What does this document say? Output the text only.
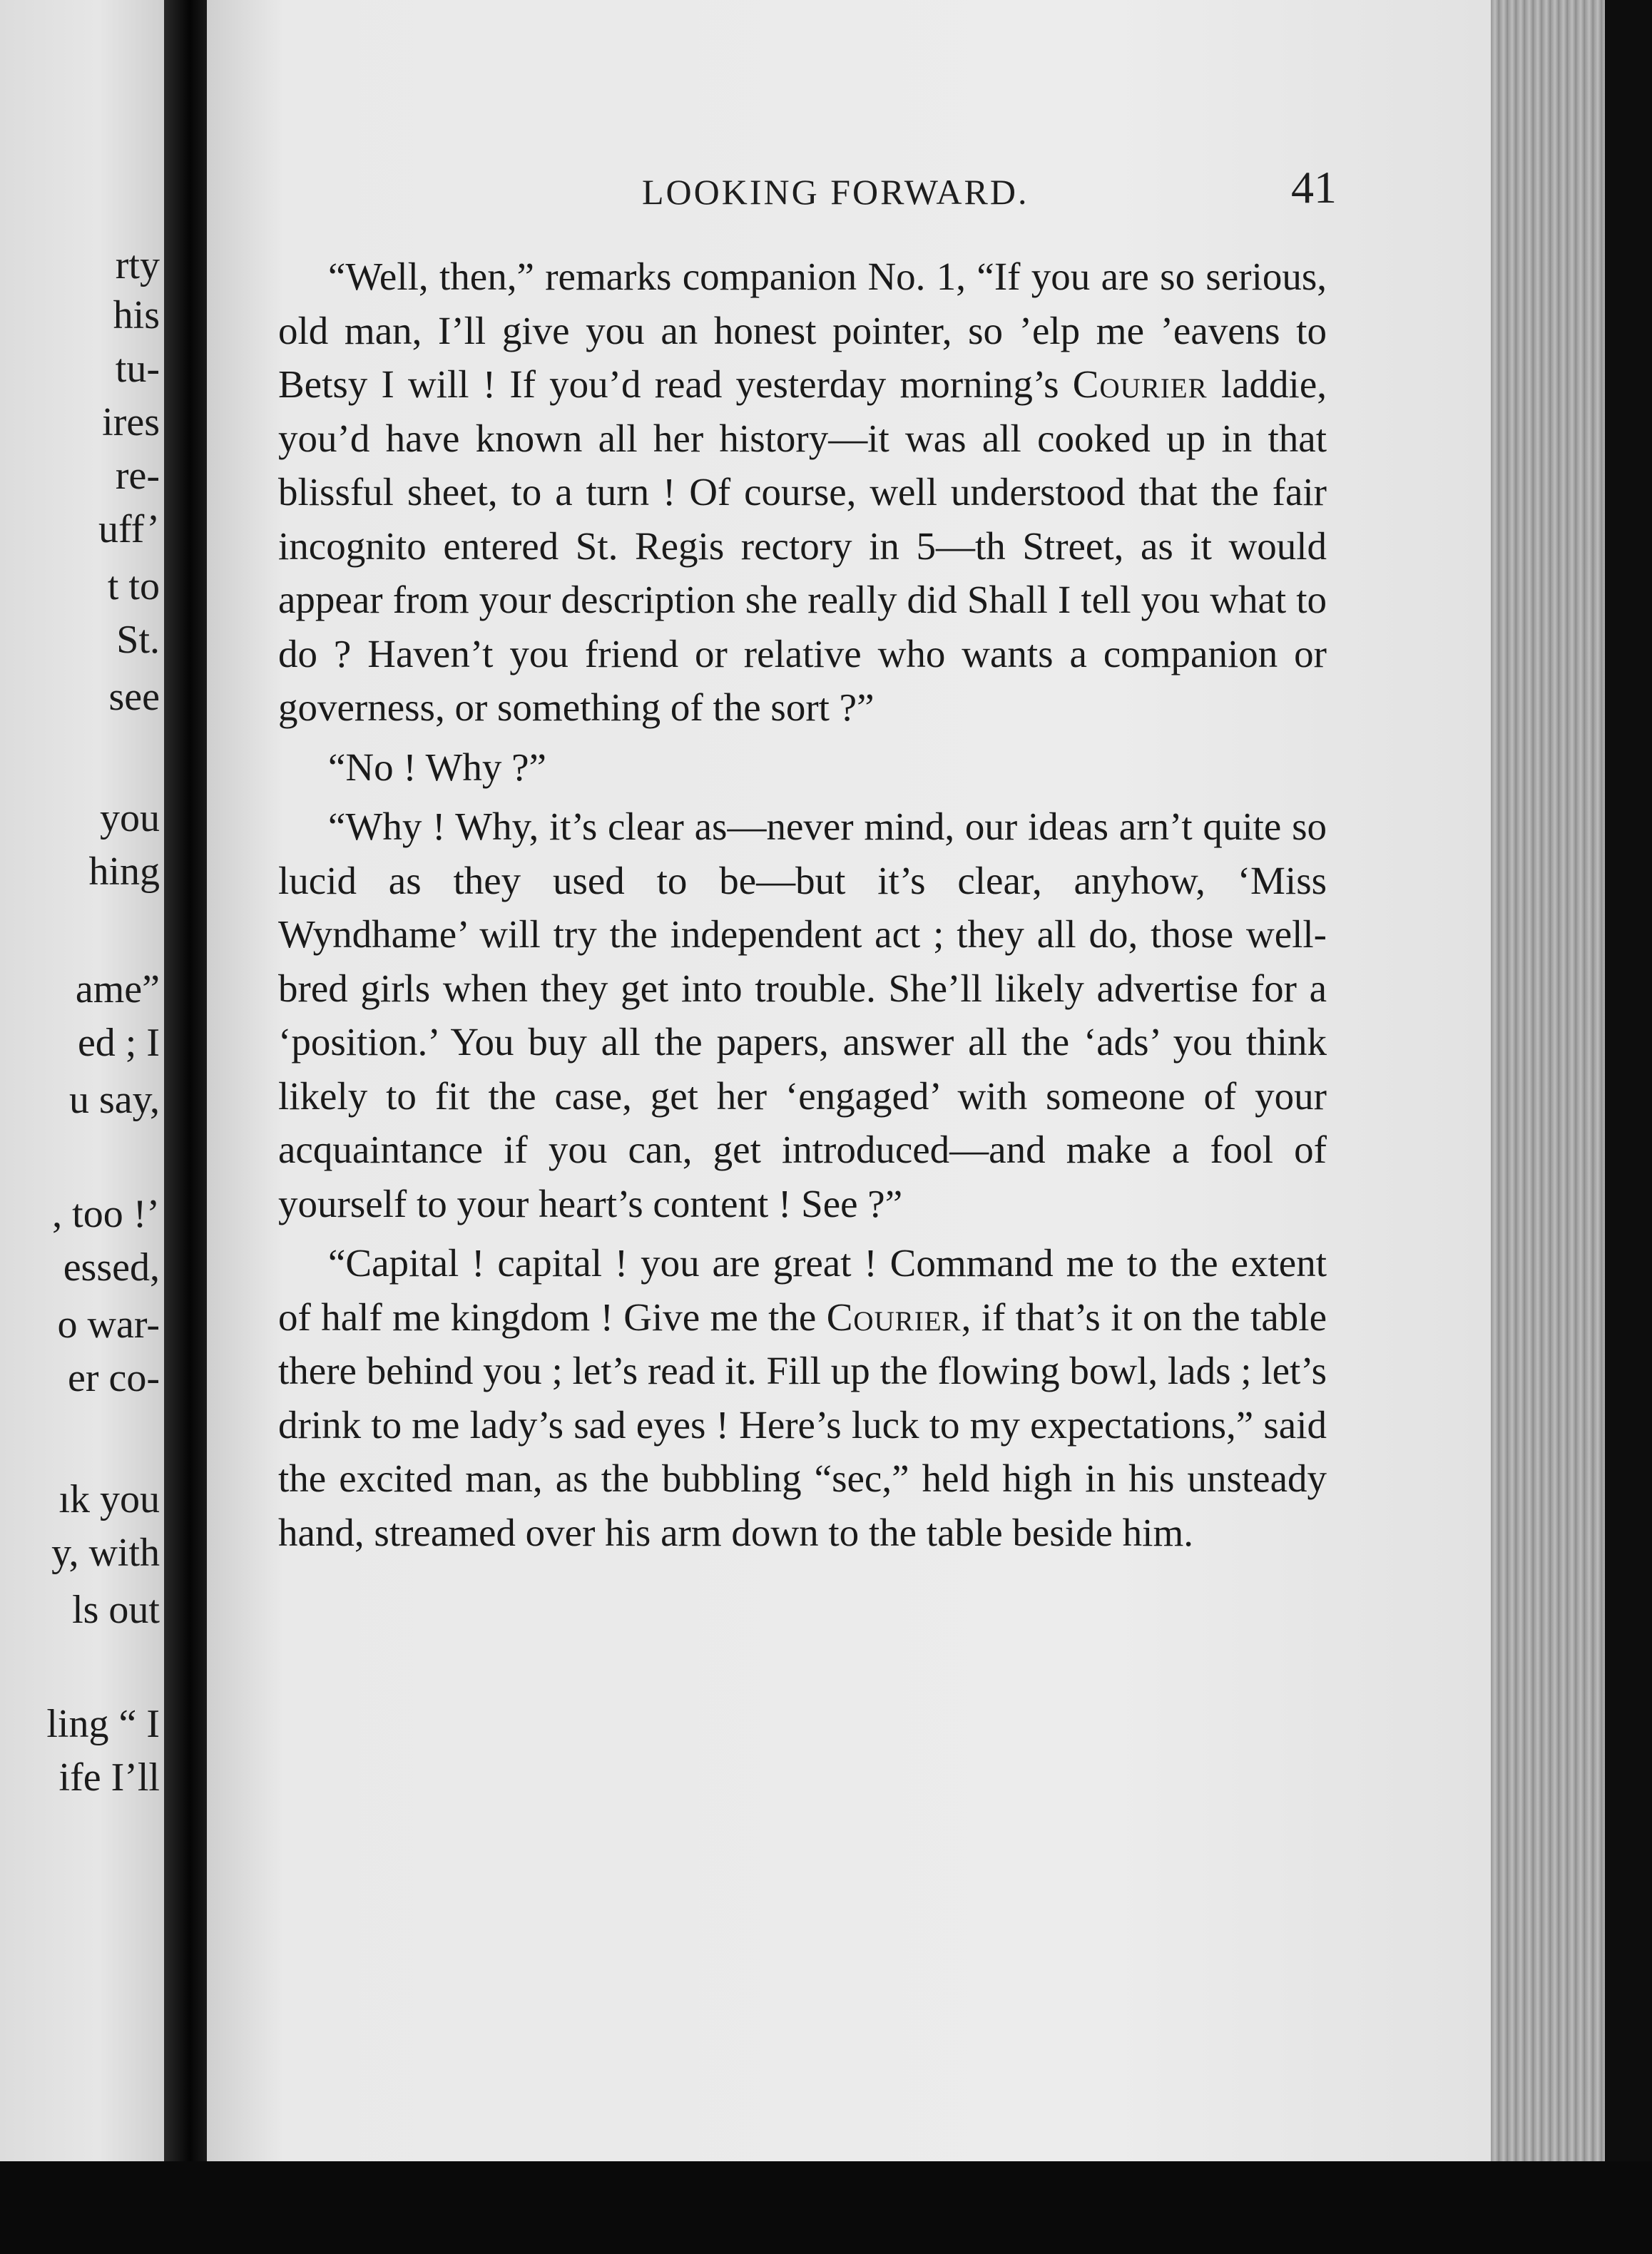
rty
his
tu-
ires
re-
uff’
t to
St.
see
you
hing
ame”
ed ; I
u say,
, too !’
essed,
o war-
er co-
ık you
y, with
ls out
ling “ I
ife I’ll
LOOKING FORWARD.	41

“Well, then,” remarks companion No. 1, “If you are so serious, old man, I’ll give you an honest pointer, so ’elp me ’eavens to Betsy I will ! If you’d read yesterday morning’s Courier laddie, you’d have known all her history—it was all cooked up in that blissful sheet, to a turn ! Of course, well understood that the fair incognito entered St. Regis rectory in 5—th Street, as it would appear from your description she really did Shall I tell you what to do ? Haven’t you friend or relative who wants a companion or governess, or something of the sort ?”

“No ! Why ?”

“Why ! Why, it’s clear as—never mind, our ideas arn’t quite so lucid as they used to be—but it’s clear, anyhow, ‘Miss Wyndhame’ will try the independent act ; they all do, those well-bred girls when they get into trouble. She’ll likely advertise for a ‘position.’ You buy all the papers, answer all the ‘ads’ you think likely to fit the case, get her ‘engaged’ with someone of your acquaintance if you can, get introduced—and make a fool of yourself to your heart’s content ! See ?”

“Capital ! capital ! you are great ! Command me to the extent of half me kingdom ! Give me the Courier, if that’s it on the table there behind you ; let’s read it. Fill up the flowing bowl, lads ; let’s drink to me lady’s sad eyes ! Here’s luck to my expectations,” said the excited man, as the bubbling “sec,” held high in his unsteady hand, streamed over his arm down to the table beside him.
